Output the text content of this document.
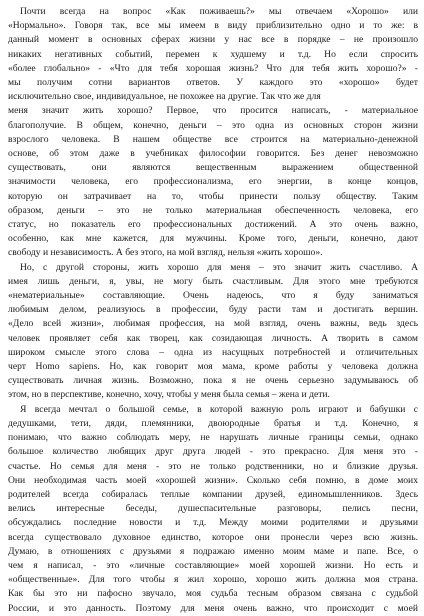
Почти всегда на вопрос «Как поживаешь?» мы отвечаем «Хорошо» или
«Нормально». Говоря так, все мы имеем в виду приблизительно одно и то же: в
данный момент в основных сферах жизни у нас все в порядке – не произошло
никаких негативных событий, перемен к худшему и т.д. Но если спросить
«более глобально» - «Что для тебя хорошая жизнь? Что для тебя жить хорошо?» -
мы получим сотни вариантов ответов. У каждого это «хорошо» будет
исключительно свое, индивидуальное, не похожее на другие. Так что же для
меня значит жить хорошо? Первое, что просится написать, - материальное
благополучие. В общем, конечно, деньги – это одна из основных сторон жизни
взрослого человека. В нашем обществе все строится на материально-денежной
основе, об этом даже в учебниках философии говорится. Без денег невозможно
существовать, они являются вещественным выражением общественной
значимости человека, его профессионализма, его энергии, в конце концов,
которую он затрачивает на то, чтобы принести пользу обществу. Таким
образом, деньги – это не только материальная обеспеченность человека, его
статус, но показатель его профессиональных достижений. А это очень важно,
особенно, как мне кажется, для мужчины. Кроме того, деньги, конечно, дают
свободу и независимость. А без этого, на мой взгляд, нельзя «жить хорошо».
Но, с другой стороны, жить хорошо для меня – это значит жить счастливо. А
имея лишь деньги, я, увы, не могу быть счастливым. Для этого мне требуются
«нематериальные» составляющие. Очень надеюсь, что я буду заниматься
любимым делом, реализуюсь в профессии, буду расти там и достигать вершин.
«Дело всей жизни», любимая профессия, на мой взгляд, очень важны, ведь здесь
человек проявляет себя как творец, как созидающая личность. А творить в самом
широком смысле этого слова – одна из насущных потребностей и отличительных
черт Homo sapiens. Но, как говорит моя мама, кроме работы у человека должна
существовать личная жизнь. Возможно, пока я не очень серьезно задумываюсь об
этом, но в перспективе, конечно, хочу, чтобы у меня была семья – жена и дети.
Я всегда мечтал о большой семье, в которой важную роль играют и бабушки с
дедушками, тети, дяди, племянники, двоюродные братья и т.д. Конечно, я
понимаю, что важно соблюдать меру, не нарушать личные границы семьи, однако
большое количество любящих друг друга людей - это прекрасно. Для меня это -
счастье. Но семья для меня - это не только родственники, но и близкие друзья.
Они необходимая часть моей «хорошей жизни». Сколько себя помню, в доме моих
родителей всегда собиралась теплые компании друзей, единомышленников. Здесь
велись интересные беседы, душеспасительные разговоры, пелись песни,
обсуждались последние новости и т.д. Между моими родителями и друзьями
всегда существовало духовное единство, которое они пронесли через всю жизнь.
Думаю, в отношениях с друзьями я подражаю именно моим маме и папе. Все, о
чем я написал, - это «личные составляющие» моей хорошей жизни. Но есть и
«общественные». Для того чтобы я жил хорошо, хорошо жить должна моя страна.
Как бы это ни пафосно звучало, моя судьба тесным образом связана с судьбой
России, и это данность. Поэтому для меня очень важно, что происходит с моей
